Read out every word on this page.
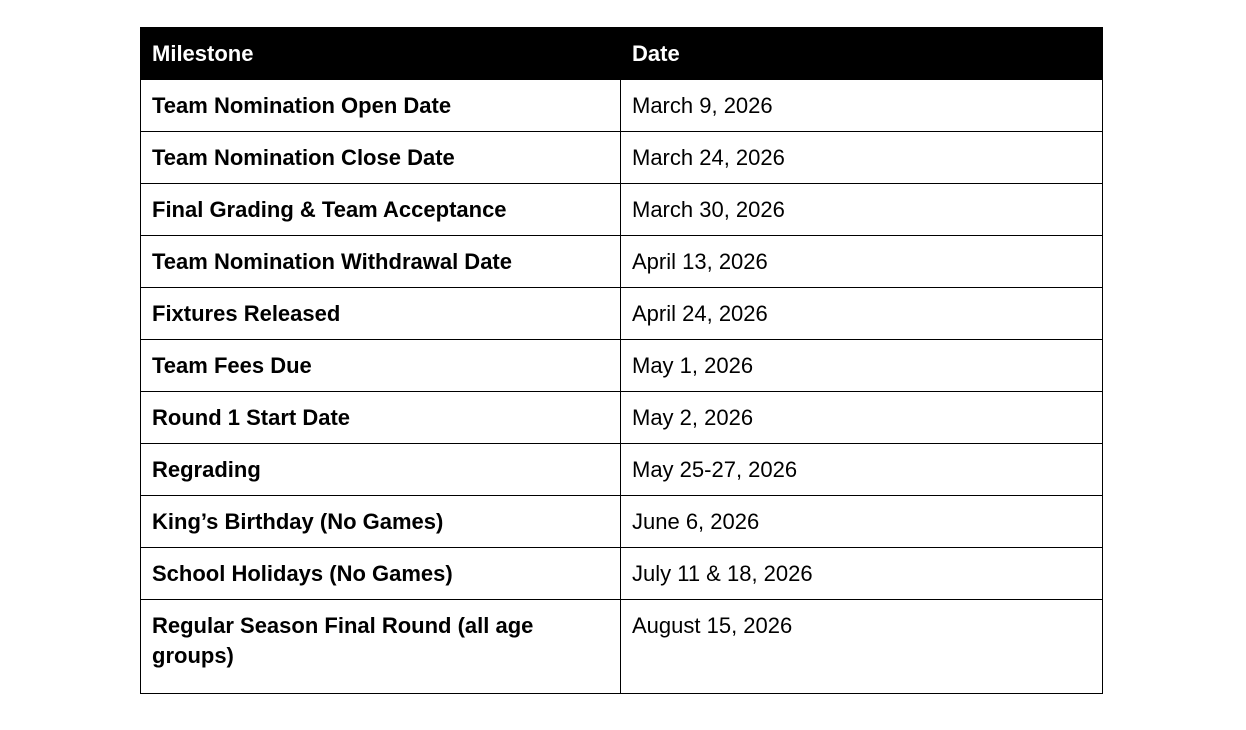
Milestone	Date
Team Nomination Open Date	March 9, 2026
Team Nomination Close Date	March 24, 2026
Final Grading & Team Acceptance	March 30, 2026
Team Nomination Withdrawal Date	April 13, 2026
Fixtures Released	April 24, 2026
Team Fees Due	May 1, 2026
Round 1 Start Date	May 2, 2026
Regrading	May 25-27, 2026
King’s Birthday (No Games)	June 6, 2026
School Holidays (No Games)	July 11 & 18, 2026
Regular Season Final Round (all age groups)	August 15, 2026
